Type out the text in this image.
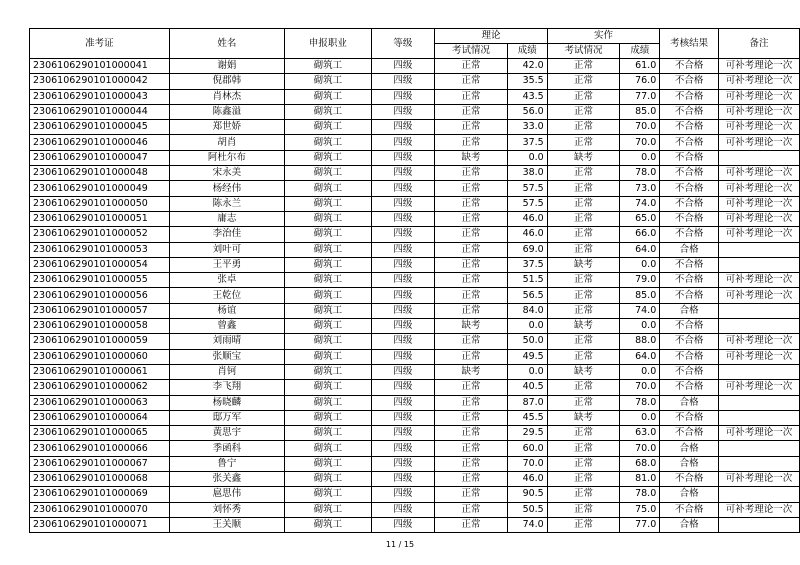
准考证	姓名	申报职业	等级	理论		实作		考核结果	备注
				考试情况	成绩	考试情况	成绩		
2306106290101000041	谢娟	砌筑工	四级	正常	42.0	正常	61.0	不合格	可补考理论一次
2306106290101000042	倪郡韩	砌筑工	四级	正常	35.5	正常	76.0	不合格	可补考理论一次
2306106290101000043	肖林杰	砌筑工	四级	正常	43.5	正常	77.0	不合格	可补考理论一次
2306106290101000044	陈鑫溢	砌筑工	四级	正常	56.0	正常	85.0	不合格	可补考理论一次
2306106290101000045	郑世娇	砌筑工	四级	正常	33.0	正常	70.0	不合格	可补考理论一次
2306106290101000046	胡肖	砌筑工	四级	正常	37.5	正常	70.0	不合格	可补考理论一次
2306106290101000047	阿杜尔布	砌筑工	四级	缺考	0.0	缺考	0.0	不合格	
2306106290101000048	宋永美	砌筑工	四级	正常	38.0	正常	78.0	不合格	可补考理论一次
2306106290101000049	杨经伟	砌筑工	四级	正常	57.5	正常	73.0	不合格	可补考理论一次
2306106290101000050	陈永兰	砌筑工	四级	正常	57.5	正常	74.0	不合格	可补考理论一次
2306106290101000051	庸志	砌筑工	四级	正常	46.0	正常	65.0	不合格	可补考理论一次
2306106290101000052	李治佳	砌筑工	四级	正常	46.0	正常	66.0	不合格	可补考理论一次
2306106290101000053	刘叶可	砌筑工	四级	正常	69.0	正常	64.0	合格	
2306106290101000054	王平勇	砌筑工	四级	正常	37.5	缺考	0.0	不合格	
2306106290101000055	张卓	砌筑工	四级	正常	51.5	正常	79.0	不合格	可补考理论一次
2306106290101000056	王乾位	砌筑工	四级	正常	56.5	正常	85.0	不合格	可补考理论一次
2306106290101000057	杨谊	砌筑工	四级	正常	84.0	正常	74.0	合格	
2306106290101000058	曾鑫	砌筑工	四级	缺考	0.0	缺考	0.0	不合格	
2306106290101000059	刘雨晴	砌筑工	四级	正常	50.0	正常	88.0	不合格	可补考理论一次
2306106290101000060	张顺宝	砌筑工	四级	正常	49.5	正常	64.0	不合格	可补考理论一次
2306106290101000061	肖钶	砌筑工	四级	缺考	0.0	缺考	0.0	不合格	
2306106290101000062	李飞翔	砌筑工	四级	正常	40.5	正常	70.0	不合格	可补考理论一次
2306106290101000063	杨晓麟	砌筑工	四级	正常	87.0	正常	78.0	合格	
2306106290101000064	邸万军	砌筑工	四级	正常	45.5	缺考	0.0	不合格	
2306106290101000065	黄思宇	砌筑工	四级	正常	29.5	正常	63.0	不合格	可补考理论一次
2306106290101000066	季函科	砌筑工	四级	正常	60.0	正常	70.0	合格	
2306106290101000067	鲁宁	砌筑工	四级	正常	70.0	正常	68.0	合格	
2306106290101000068	张关鑫	砌筑工	四级	正常	46.0	正常	81.0	不合格	可补考理论一次
2306106290101000069	扈思伟	砌筑工	四级	正常	90.5	正常	78.0	合格	
2306106290101000070	刘怀秀	砌筑工	四级	正常	50.5	正常	75.0	不合格	可补考理论一次
2306106290101000071	王关顺	砌筑工	四级	正常	74.0	正常	77.0	合格	
11 / 15
